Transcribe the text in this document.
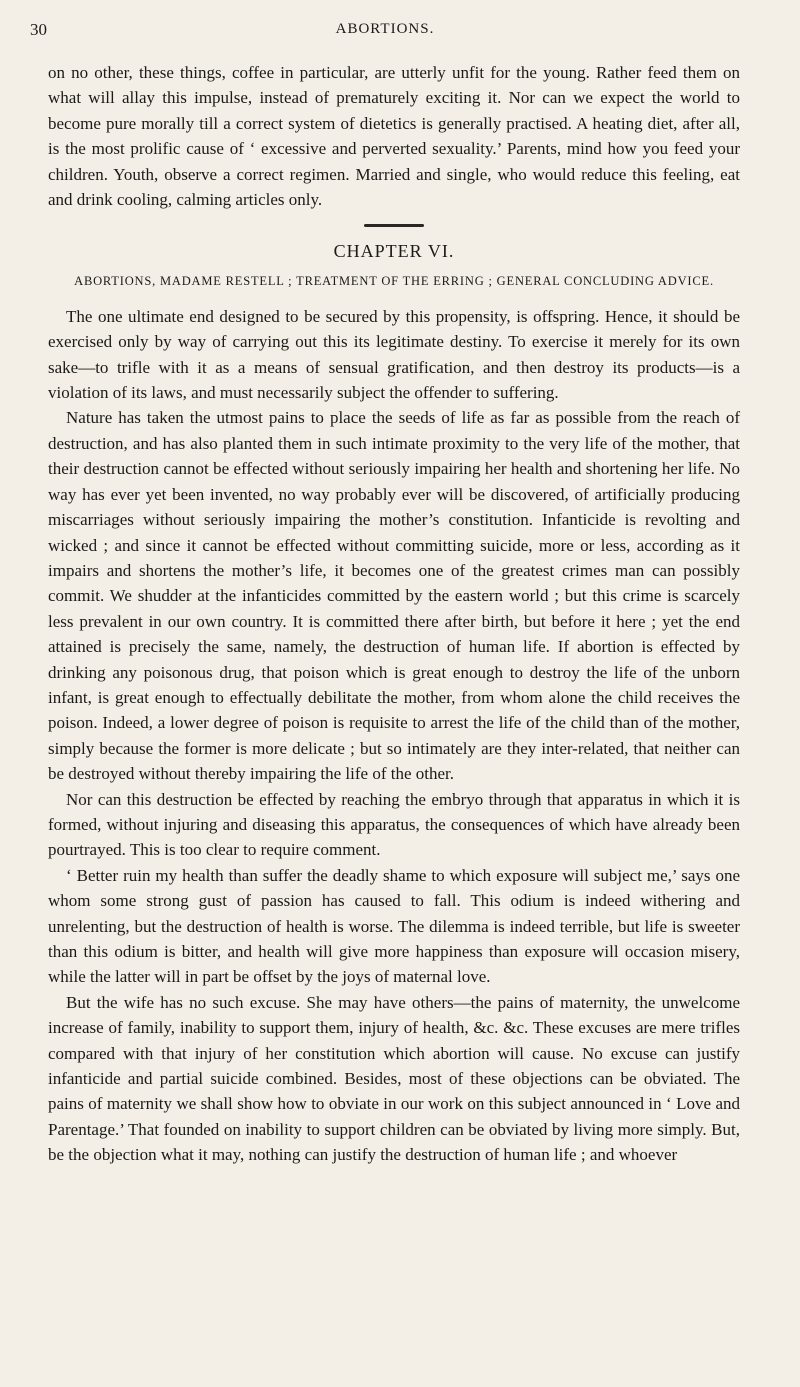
30	ABORTIONS.

on no other, these things, coffee in particular, are utterly unfit for the young. Rather feed them on what will allay this impulse, instead of prematurely exciting it. Nor can we expect the world to become pure morally till a correct system of dietetics is generally practised. A heating diet, after all, is the most prolific cause of ‘ excessive and perverted sexuality.’ Parents, mind how you feed your children. Youth, observe a correct regimen. Married and single, who would reduce this feeling, eat and drink cooling, calming articles only.

CHAPTER VI.
ABORTIONS, MADAME RESTELL ; TREATMENT OF THE ERRING ; GENERAL CONCLUDING ADVICE.

The one ultimate end designed to be secured by this propensity, is offspring. Hence, it should be exercised only by way of carrying out this its legitimate destiny. To exercise it merely for its own sake—to trifle with it as a means of sensual gratification, and then destroy its products—is a violation of its laws, and must necessarily subject the offender to suffering.

Nature has taken the utmost pains to place the seeds of life as far as possible from the reach of destruction, and has also planted them in such intimate proximity to the very life of the mother, that their destruction cannot be effected without seriously impairing her health and shortening her life. No way has ever yet been invented, no way probably ever will be discovered, of artificially producing miscarriages without seriously impairing the mother’s constitution. Infanticide is revolting and wicked ; and since it cannot be effected without committing suicide, more or less, according as it impairs and shortens the mother’s life, it becomes one of the greatest crimes man can possibly commit. We shudder at the infanticides committed by the eastern world ; but this crime is scarcely less prevalent in our own country. It is committed there after birth, but before it here ; yet the end attained is precisely the same, namely, the destruction of human life. If abortion is effected by drinking any poisonous drug, that poison which is great enough to destroy the life of the unborn infant, is great enough to effectually debilitate the mother, from whom alone the child receives the poison. Indeed, a lower degree of poison is requisite to arrest the life of the child than of the mother, simply because the former is more delicate ; but so intimately are they inter-related, that neither can be destroyed without thereby impairing the life of the other.

Nor can this destruction be effected by reaching the embryo through that apparatus in which it is formed, without injuring and diseasing this apparatus, the consequences of which have already been pourtrayed. This is too clear to require comment.

‘ Better ruin my health than suffer the deadly shame to which exposure will subject me,’ says one whom some strong gust of passion has caused to fall. This odium is indeed withering and unrelenting, but the destruction of health is worse. The dilemma is indeed terrible, but life is sweeter than this odium is bitter, and health will give more happiness than exposure will occasion misery, while the latter will in part be offset by the joys of maternal love.

But the wife has no such excuse. She may have others—the pains of maternity, the unwelcome increase of family, inability to support them, injury of health, &c. &c. These excuses are mere trifles compared with that injury of her constitution which abortion will cause. No excuse can justify infanticide and partial suicide combined. Besides, most of these objections can be obviated. The pains of maternity we shall show how to obviate in our work on this subject announced in ‘ Love and Parentage.’ That founded on inability to support children can be obviated by living more simply. But, be the objection what it may, nothing can justify the destruction of human life ; and whoever
